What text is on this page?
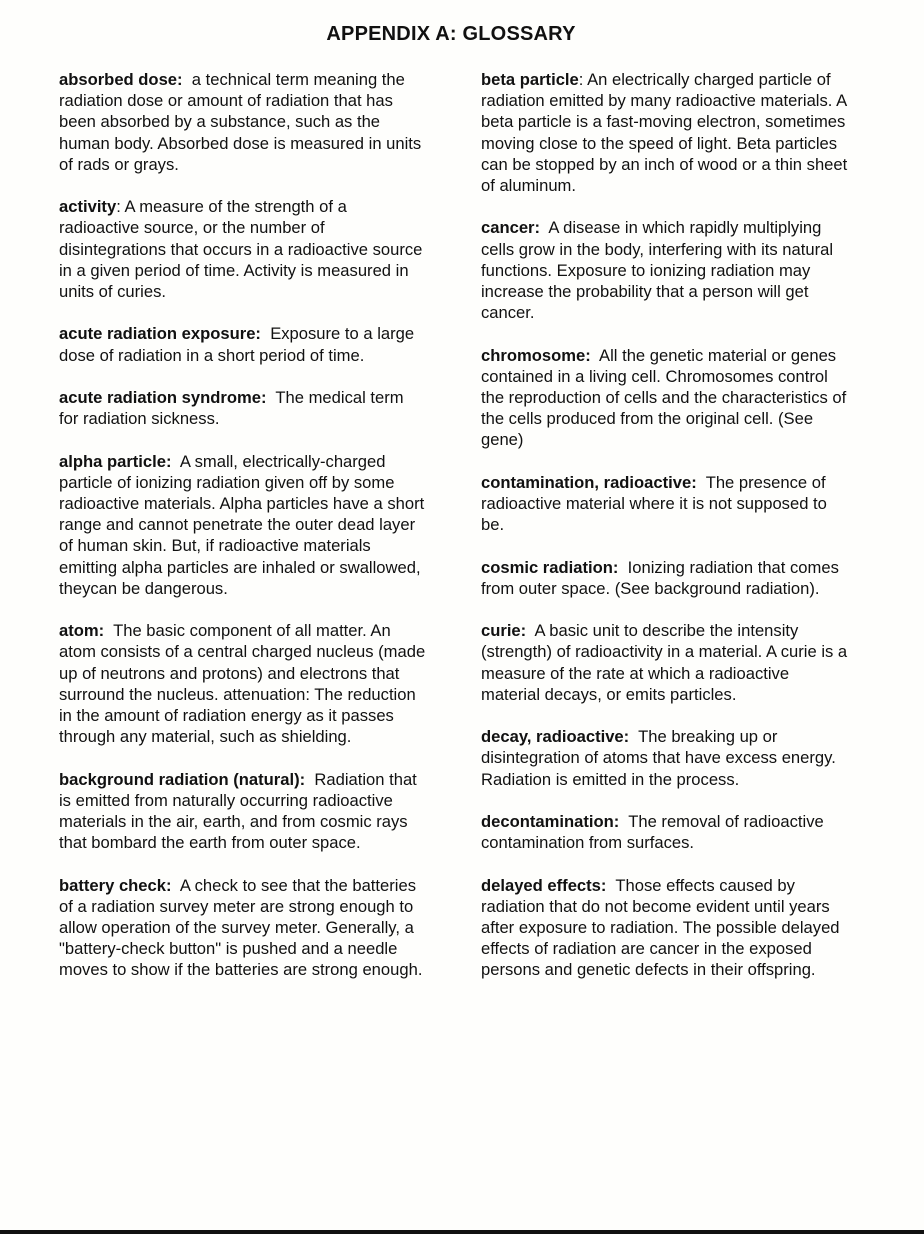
APPENDIX A: GLOSSARY

absorbed dose: a technical term meaning the radiation dose or amount of radiation that has been absorbed by a substance, such as the human body. Absorbed dose is measured in units of rads or grays.

activity: A measure of the strength of a radioactive source, or the number of disintegrations that occurs in a radioactive source in a given period of time. Activity is measured in units of curies.

acute radiation exposure: Exposure to a large dose of radiation in a short period of time.

acute radiation syndrome: The medical term for radiation sickness.

alpha particle: A small, electrically-charged particle of ionizing radiation given off by some radioactive materials. Alpha particles have a short range and cannot penetrate the outer dead layer of human skin. But, if radioactive materials emitting alpha particles are inhaled or swallowed, theycan be dangerous.

atom: The basic component of all matter. An atom consists of a central charged nucleus (made up of neutrons and protons) and electrons that surround the nucleus. attenuation: The reduction in the amount of radiation energy as it passes through any material, such as shielding.

background radiation (natural): Radiation that is emitted from naturally occurring radioactive materials in the air, earth, and from cosmic rays that bombard the earth from outer space.

battery check: A check to see that the batteries of a radiation survey meter are strong enough to allow operation of the survey meter. Generally, a "battery-check button" is pushed and a needle moves to show if the batteries are strong enough.

beta particle: An electrically charged particle of radiation emitted by many radioactive materials. A beta particle is a fast-moving electron, sometimes moving close to the speed of light. Beta particles can be stopped by an inch of wood or a thin sheet of aluminum.

cancer: A disease in which rapidly multiplying cells grow in the body, interfering with its natural functions. Exposure to ionizing radiation may increase the probability that a person will get cancer.

chromosome: All the genetic material or genes contained in a living cell. Chromosomes control the reproduction of cells and the characteristics of the cells produced from the original cell. (See gene)

contamination, radioactive: The presence of radioactive material where it is not supposed to be.

cosmic radiation: Ionizing radiation that comes from outer space. (See background radiation).

curie: A basic unit to describe the intensity (strength) of radioactivity in a material. A curie is a measure of the rate at which a radioactive material decays, or emits particles.

decay, radioactive: The breaking up or disintegration of atoms that have excess energy. Radiation is emitted in the process.

decontamination: The removal of radioactive contamination from surfaces.

delayed effects: Those effects caused by radiation that do not become evident until years after exposure to radiation. The possible delayed effects of radiation are cancer in the exposed persons and genetic defects in their offspring.
